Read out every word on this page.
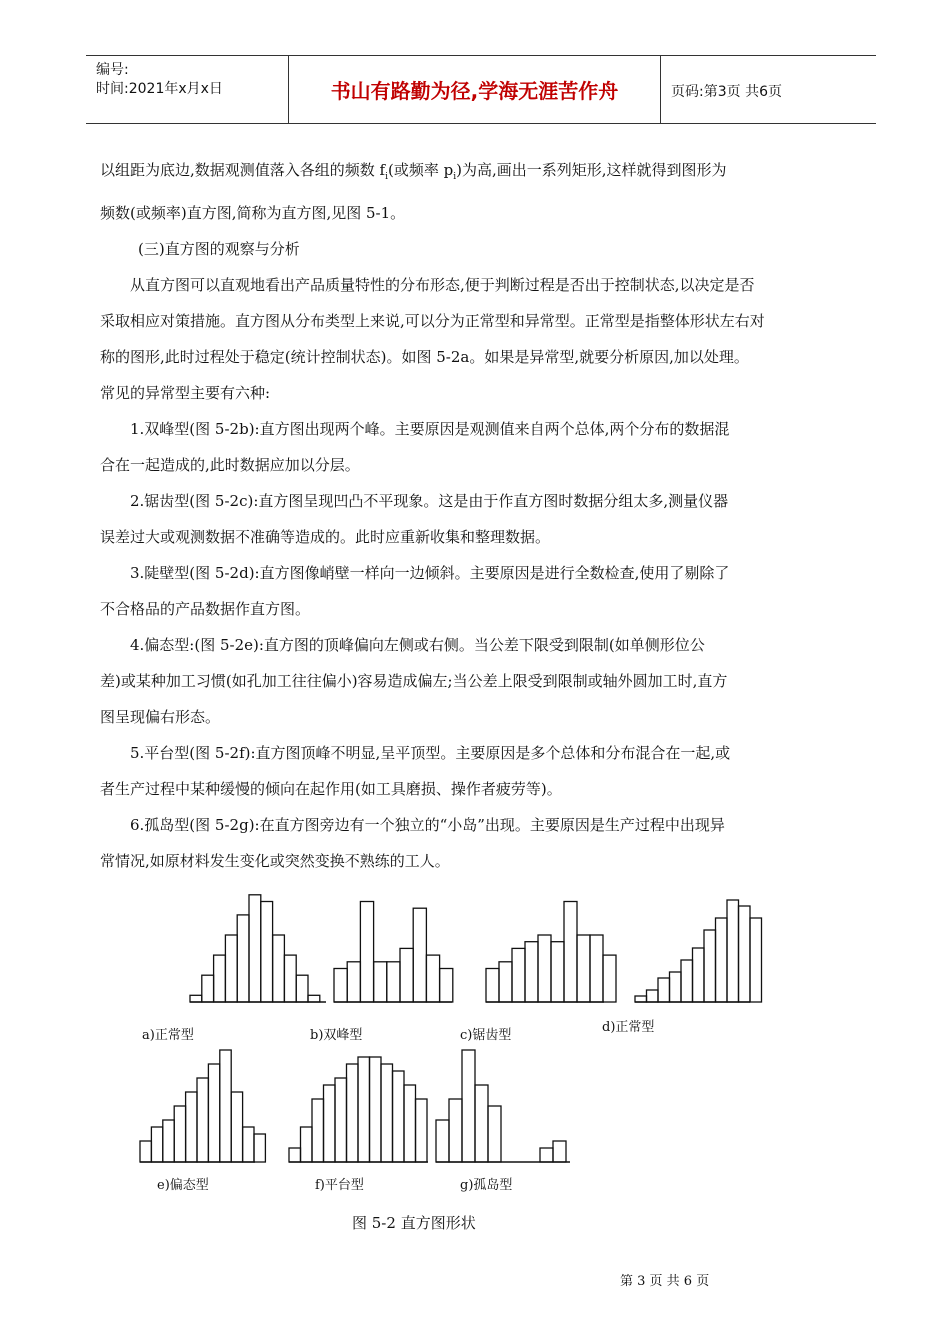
编号:
时间:2021年x月x日	书山有路勤为径,学海无涯苦作舟	页码:第3页 共6页

以组距为底边,数据观测值落入各组的频数 $f_i$(或频率 $p_i$)为高,画出一系列矩形,这样就得到图形为

频数(或频率)直方图,简称为直方图,见图 5-1。

(三)直方图的观察与分析

从直方图可以直观地看出产品质量特性的分布形态,便于判断过程是否出于控制状态,以决定是否

采取相应对策措施。直方图从分布类型上来说,可以分为正常型和异常型。正常型是指整体形状左右对

称的图形,此时过程处于稳定(统计控制状态)。如图 5-2a。如果是异常型,就要分析原因,加以处理。

常见的异常型主要有六种:

1.双峰型(图 5-2b):直方图出现两个峰。主要原因是观测值来自两个总体,两个分布的数据混

合在一起造成的,此时数据应加以分层。

2.锯齿型(图 5-2c):直方图呈现凹凸不平现象。这是由于作直方图时数据分组太多,测量仪器

误差过大或观测数据不准确等造成的。此时应重新收集和整理数据。

3.陡壁型(图 5-2d):直方图像峭壁一样向一边倾斜。主要原因是进行全数检查,使用了剔除了

不合格品的产品数据作直方图。

4.偏态型:(图 5-2e):直方图的顶峰偏向左侧或右侧。当公差下限受到限制(如单侧形位公

差)或某种加工习惯(如孔加工往往偏小)容易造成偏左;当公差上限受到限制或轴外圆加工时,直方

图呈现偏右形态。

5.平台型(图 5-2f):直方图顶峰不明显,呈平顶型。主要原因是多个总体和分布混合在一起,或

者生产过程中某种缓慢的倾向在起作用(如工具磨损、操作者疲劳等)。

6.孤岛型(图 5-2g):在直方图旁边有一个独立的“小岛”出现。主要原因是生产过程中出现异

常情况,如原材料发生变化或突然变换不熟练的工人。

a)正常型	b)双峰型	c)锯齿型
d)正常型
e)偏态型	f)平台型	g)孤岛型
图 5-2 直方图形状
第 3 页 共 6 页
